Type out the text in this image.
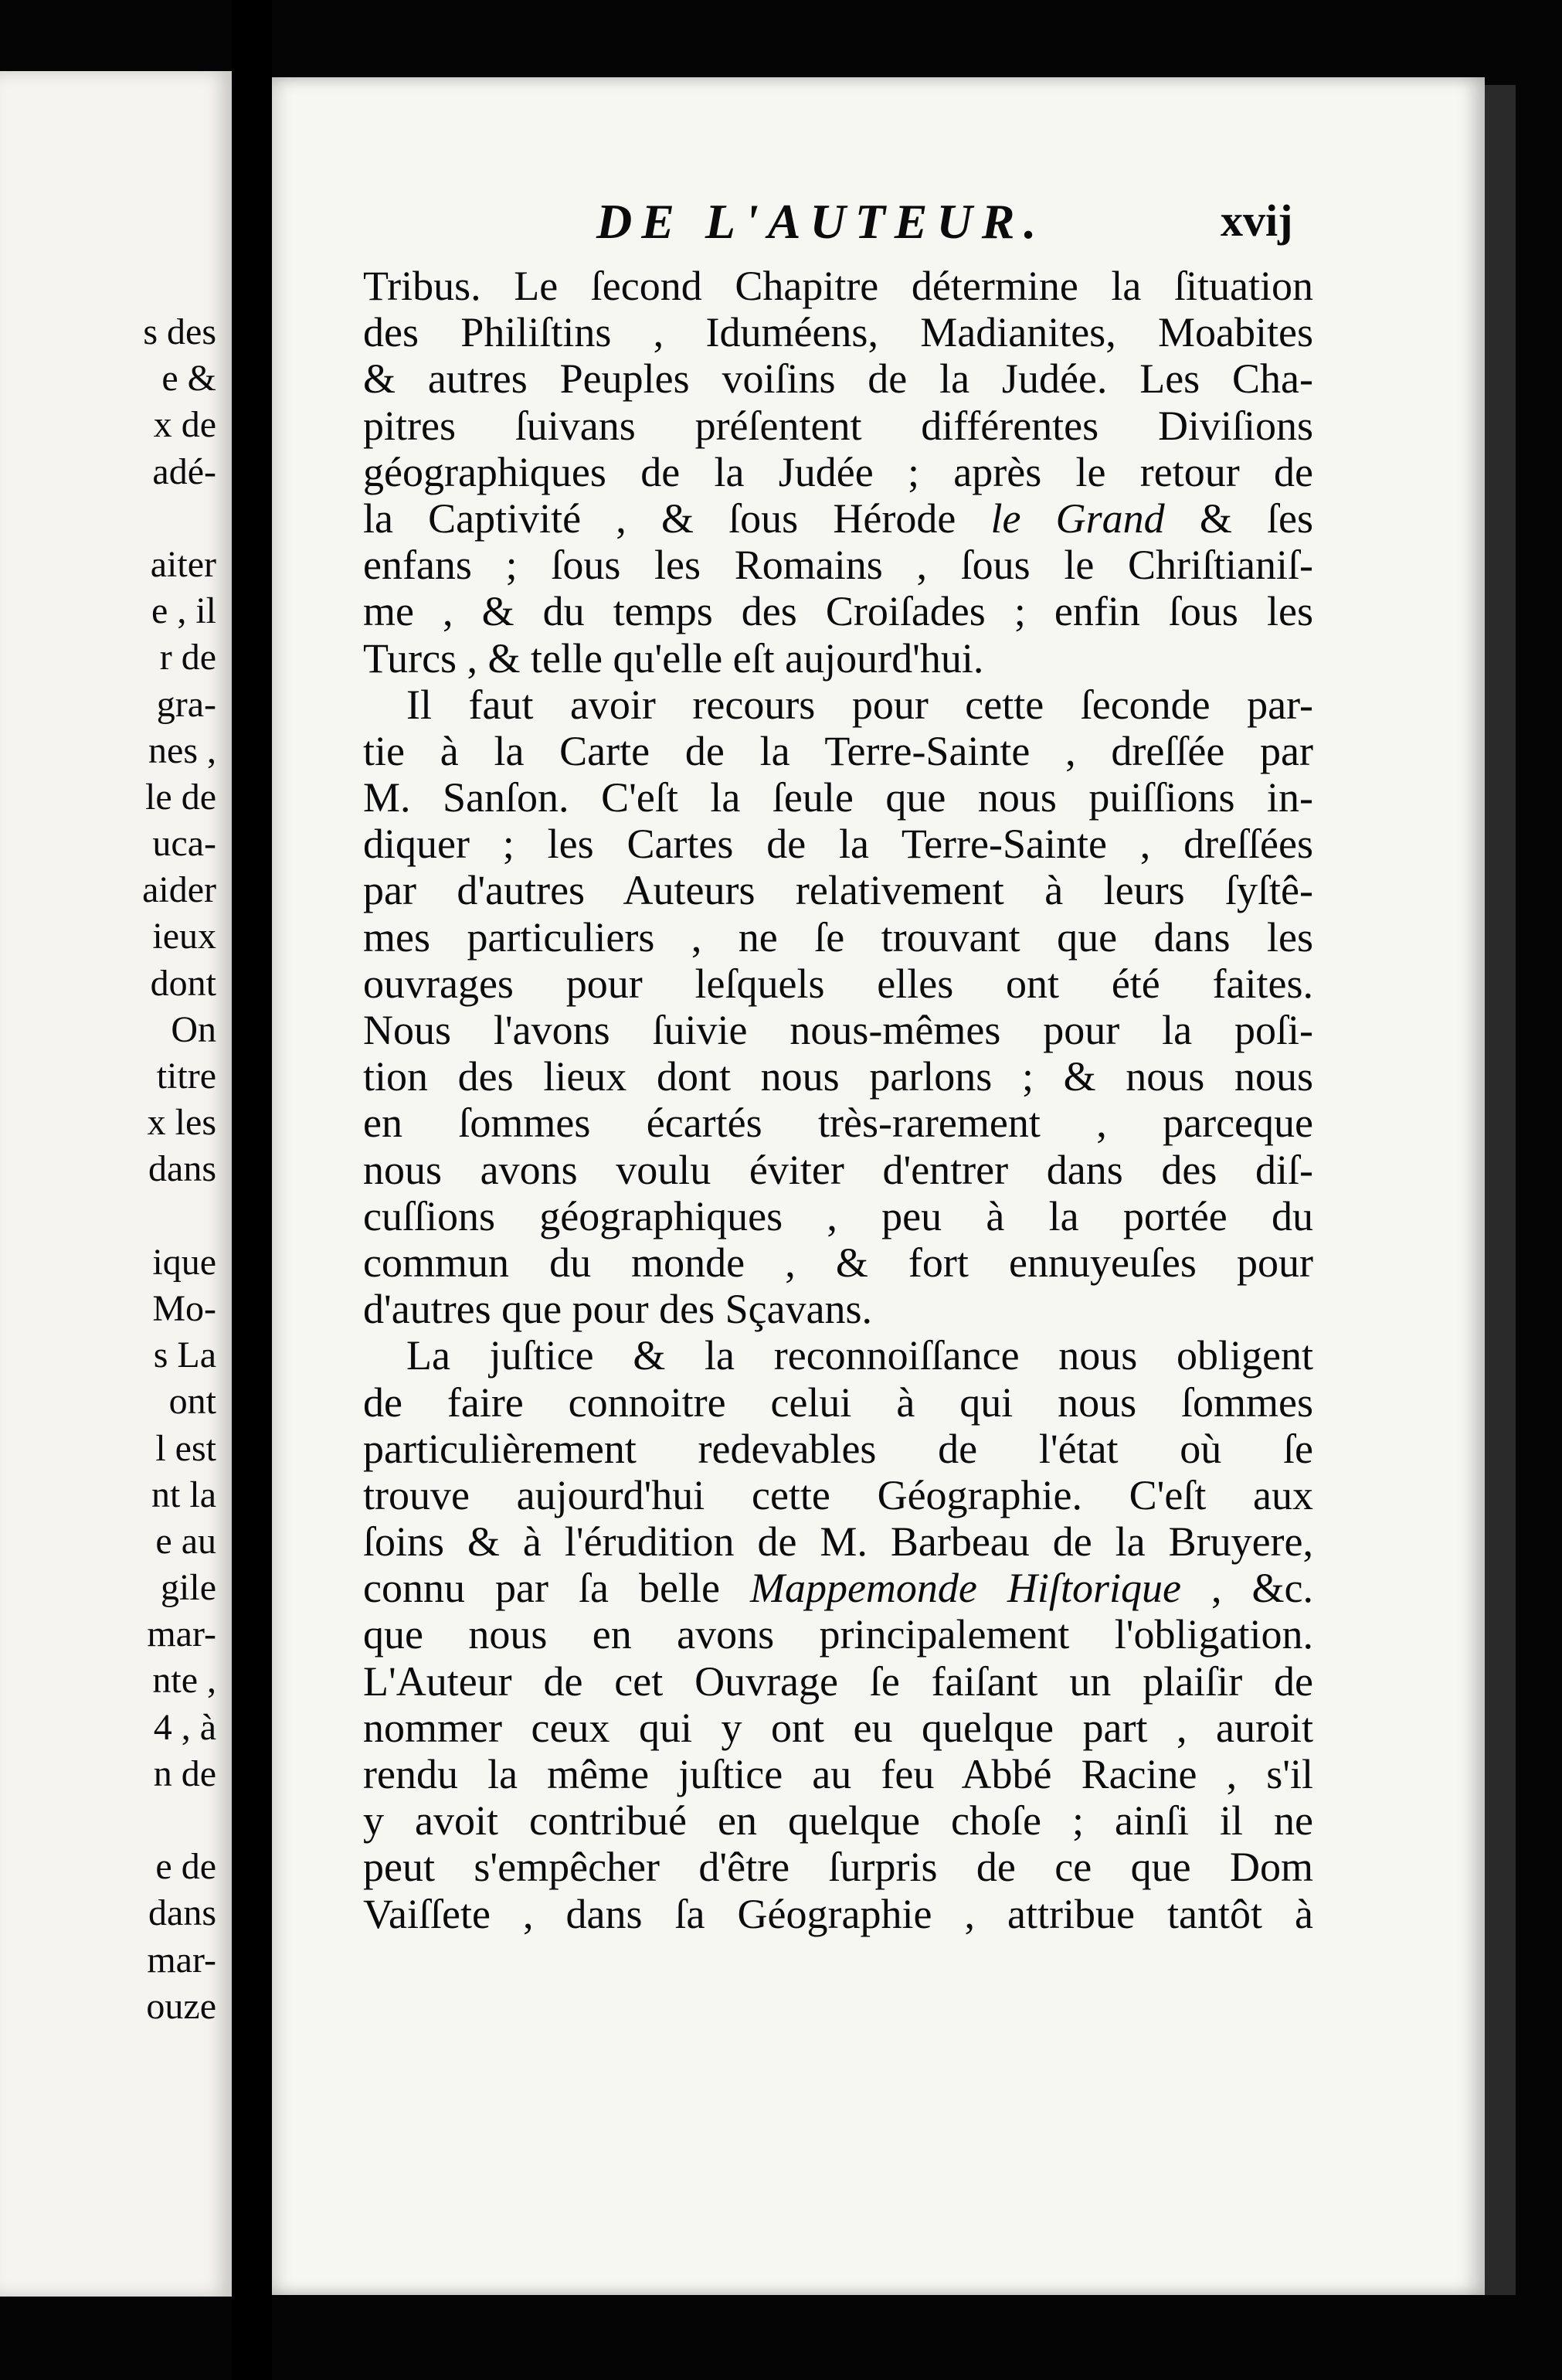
s des
e &
x de
adé-
aiter
e , il
r de
gra-
nes ,
le de
uca-
aider
ieux
dont
On
titre
x les
dans
ique
Mo-
s La
ont
l est
nt la
e au
gile
mar-
nte ,
4 , à
n de
e de
dans
mar-
ouze
DE L'AUTEUR.	xvij
Tribus. Le ſecond Chapitre détermine la ſituation
des Philiſtins , Iduméens, Madianites, Moabites
& autres Peuples voiſins de la Judée. Les Cha-
pitres ſuivans préſentent différentes Diviſions
géographiques de la Judée ; après le retour de
la Captivité , & ſous Hérode le Grand & ſes
enfans ; ſous les Romains , ſous le Chriſtianiſ-
me , & du temps des Croiſades ; enfin ſous les
Turcs , & telle qu'elle eſt aujourd'hui.
Il faut avoir recours pour cette ſeconde par-
tie à la Carte de la Terre-Sainte , dreſſée par
M. Sanſon. C'eſt la ſeule que nous puiſſions in-
diquer ; les Cartes de la Terre-Sainte , dreſſées
par d'autres Auteurs relativement à leurs ſyſtê-
mes particuliers , ne ſe trouvant que dans les
ouvrages pour leſquels elles ont été faites.
Nous l'avons ſuivie nous-mêmes pour la poſi-
tion des lieux dont nous parlons ; & nous nous
en ſommes écartés très-rarement , parceque
nous avons voulu éviter d'entrer dans des diſ-
cuſſions géographiques , peu à la portée du
commun du monde , & fort ennuyeuſes pour
d'autres que pour des Sçavans.
La juſtice & la reconnoiſſance nous obligent
de faire connoitre celui à qui nous ſommes
particulièrement redevables de l'état où ſe
trouve aujourd'hui cette Géographie. C'eſt aux
ſoins & à l'érudition de M. Barbeau de la Bruyere,
connu par ſa belle Mappemonde Hiſtorique , &c.
que nous en avons principalement l'obligation.
L'Auteur de cet Ouvrage ſe faiſant un plaiſir de
nommer ceux qui y ont eu quelque part , auroit
rendu la même juſtice au feu Abbé Racine , s'il
y avoit contribué en quelque choſe ; ainſi il ne
peut s'empêcher d'être ſurpris de ce que Dom
Vaiſſete , dans ſa Géographie , attribue tantôt à
